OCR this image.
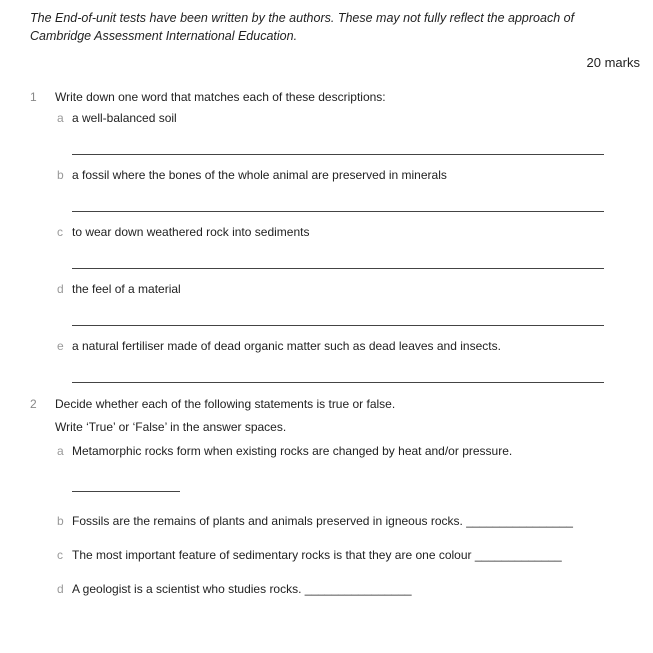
The End-of-unit tests have been written by the authors. These may not fully reflect the approach of
Cambridge Assessment International Education.
20 marks
1 Write down one word that matches each of these descriptions:
a a well-balanced soil
b a fossil where the bones of the whole animal are preserved in minerals
c to wear down weathered rock into sediments
d the feel of a material
e a natural fertiliser made of dead organic matter such as dead leaves and insects.
2 Decide whether each of the following statements is true or false.
Write ‘True’ or ‘False’ in the answer spaces.
a Metamorphic rocks form when existing rocks are changed by heat and/or pressure.
b Fossils are the remains of plants and animals preserved in igneous rocks. ________________
c The most important feature of sedimentary rocks is that they are one colour _____________
d A geologist is a scientist who studies rocks. ________________
